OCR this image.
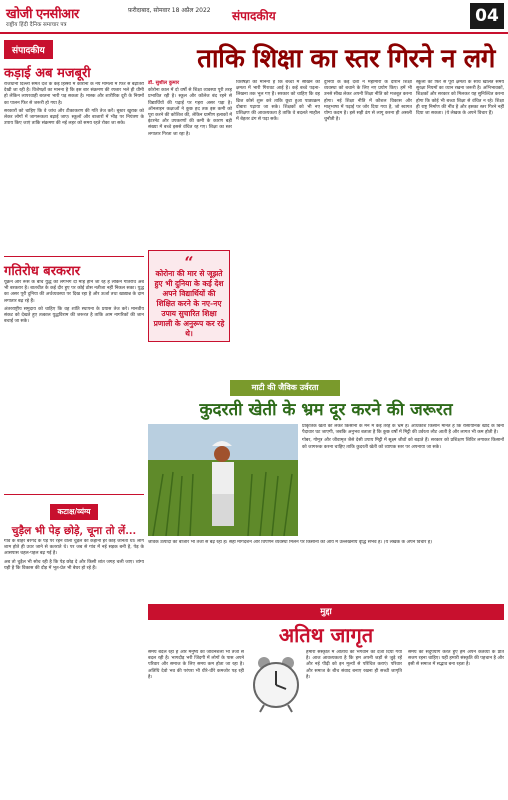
खोजी एनसीआर
राष्ट्रीय हिंदी दैनिक समाचार पत्र
फ़रीदाबाद, सोमवार 18 अप्रैल 2022 संपादकीय	04
संपादकीय
कड़ाई अब मजबूरी

राजधानी दिल्ली समेत देश के कई हिस्सों में कोरोना के नये मामलों में फिर से बढ़ोतरी देखी जा रही है। विशेषज्ञों का मानना है कि इस बार संक्रमण की रफ्तार भले ही धीमी हो लेकिन लापरवाही बरतना भारी पड़ सकता है। मास्क और शारीरिक दूरी के नियमों का पालन फिर से जरूरी हो गया है।

सरकारों को चाहिए कि वे जांच और टीकाकरण की गति तेज करें। बूस्टर खुराक को लेकर लोगों में जागरूकता बढ़ाई जाए। स्कूलों और बाजारों में भीड़ पर नियंत्रण के उपाय किए जाएं ताकि संक्रमण की नई लहर को समय रहते रोका जा सके।

गतिरोध बरकरार

यूक्रेन और रूस के बीच युद्ध को लगभग दो माह होने जा रहे हैं लेकिन गतिरोध अब भी बरकरार है। बातचीत के कई दौर हुए पर कोई ठोस नतीजा नहीं निकल सका। युद्ध का असर पूरी दुनिया की अर्थव्यवस्था पर दिख रहा है और ऊर्जा तथा खाद्यान्न के दाम लगातार बढ़ रहे हैं।

अंतरराष्ट्रीय समुदाय को चाहिए कि वह शांति स्थापना के प्रयास तेज करे। मानवीय संकट को देखते हुए तत्काल युद्धविराम की जरूरत है ताकि आम नागरिकों की जान बचाई जा सके।

कटाक्ष/व्यंग्य
चुड़ैल भी पेड़ छोड़े, चूना तो लें...

गांव के बाहर बरगद के पेड़ पर रहने वाली चुड़ैल की कहानी हर कोई जानता था। लोग शाम होते ही उधर जाने से कतराते थे। पर जब से गांव में नई सड़क बनी है, पेड़ के आसपास चहल-पहल बढ़ गई है।

अब तो चुड़ैल भी सोच रही है कि पेड़ छोड़ दे और किसी शांत जगह चली जाए। व्यंग्य यही है कि विकास की दौड़ में भूत-प्रेत भी बेघर हो रहे हैं।

ताकि शिक्षा का स्तर गिरने न लगे
डॉ. सुशील कुमार

कोरोना काल में दो वर्षों से शिक्षा व्यवस्था पूरी तरह प्रभावित रही है। स्कूल और कॉलेज बंद रहने से विद्यार्थियों की पढ़ाई पर गहरा असर पड़ा है। ऑनलाइन कक्षाओं ने कुछ हद तक इस कमी को पूरा करने की कोशिश की, लेकिन ग्रामीण इलाकों में इंटरनेट और उपकरणों की कमी के कारण बड़ी संख्या में बच्चे इससे वंचित रह गए। शिक्षा का स्तर लगातार गिरता जा रहा है।

विशेषज्ञों का मानना है कि बच्चों में सीखने की क्षमता में भारी गिरावट आई है। कई बच्चे पढ़ना-लिखना तक भूल गए हैं। सरकार को चाहिए कि वह ब्रिज कोर्स शुरू करे ताकि छूटा हुआ पाठ्यक्रम दोबारा पढ़ाया जा सके। शिक्षकों को भी नए प्रशिक्षण की आवश्यकता है ताकि वे बदलते माहौल में बेहतर ढंग से पढ़ा सकें।

दुनिया के कई देशों ने महामारी के दौरान शिक्षा व्यवस्था को बचाने के लिए नए प्रयोग किए। हमें भी उनसे सीख लेकर अपनी शिक्षा नीति को मजबूत करना होगा। नई शिक्षा नीति में कौशल विकास और मातृभाषा में पढ़ाई पर जोर दिया गया है, जो स्वागत योग्य कदम है। इसे सही ढंग से लागू करना ही असली चुनौती है।

स्कूलों को फिर से पूरी क्षमता के साथ खोलते समय सुरक्षा नियमों का ध्यान रखना जरूरी है। अभिभावकों, शिक्षकों और सरकार को मिलकर यह सुनिश्चित करना होगा कि कोई भी बच्चा शिक्षा से वंचित न रहे। शिक्षा ही राष्ट्र निर्माण की नींव है और इसका स्तर गिरने नहीं दिया जा सकता। (ये लेखक के अपने विचार हैं)

“
कोरोना की मार से जूझते हुए भी दुनिया के कई देश अपने विद्यार्थियों की शिक्षित करने के नए-नए उपाय सुचारित शिक्षा प्रणाली के अनुरूप कर रहे थे।
माटी की जैविक उर्वरता
कुदरती खेती के भ्रम दूर करने की जरूरत

प्राकृतिक खेती को लेकर किसानों के मन में कई तरह के भ्रम हैं। अधिकांश किसान मानते हैं कि रासायनिक खाद के बिना पैदावार घट जाएगी, जबकि अनुभव बताता है कि कुछ वर्षों में मिट्टी की उर्वरता लौट आती है और लागत भी कम होती है।

गोबर, गोमूत्र और जीवामृत जैसे देसी उपाय मिट्टी में सूक्ष्म जीवों को बढ़ाते हैं। सरकार को प्रशिक्षण शिविर लगाकर किसानों को जागरूक करना चाहिए ताकि कुदरती खेती को व्यापक स्तर पर अपनाया जा सके।

जैविक उत्पादों का बाजार भी तेजी से बढ़ रहा है। सही मार्गदर्शन और विपणन व्यवस्था मिलने पर किसानों की आय में उल्लेखनीय वृद्धि संभव है। (ये लेखक के अपने विचार हैं)

मुद्दा
अतिथ जागृत

समय बदल रहा है और मनुष्य की जीवनशैली भी तेजी से बदल रही है। भागदौड़ भरी जिंदगी में लोगों के पास अपने परिवार और समाज के लिए समय कम होता जा रहा है। अतिथि देवो भव की परंपरा भी धीरे-धीरे कमजोर पड़ रही है।

हमारी संस्कृति में अतिथि को भगवान का दर्जा दिया गया है। आज आवश्यकता है कि हम अपनी जड़ों से जुड़े रहें और नई पीढ़ी को इन मूल्यों से परिचित कराएं। परिवार और समाज के बीच संवाद बनाए रखना ही सच्ची जागृति है।

समय का सदुपयोग करते हुए हमें अपने कर्तव्यों के प्रति सजग रहना चाहिए। यही हमारी संस्कृति की पहचान है और इसी से समाज में सद्भाव बना रहता है।
